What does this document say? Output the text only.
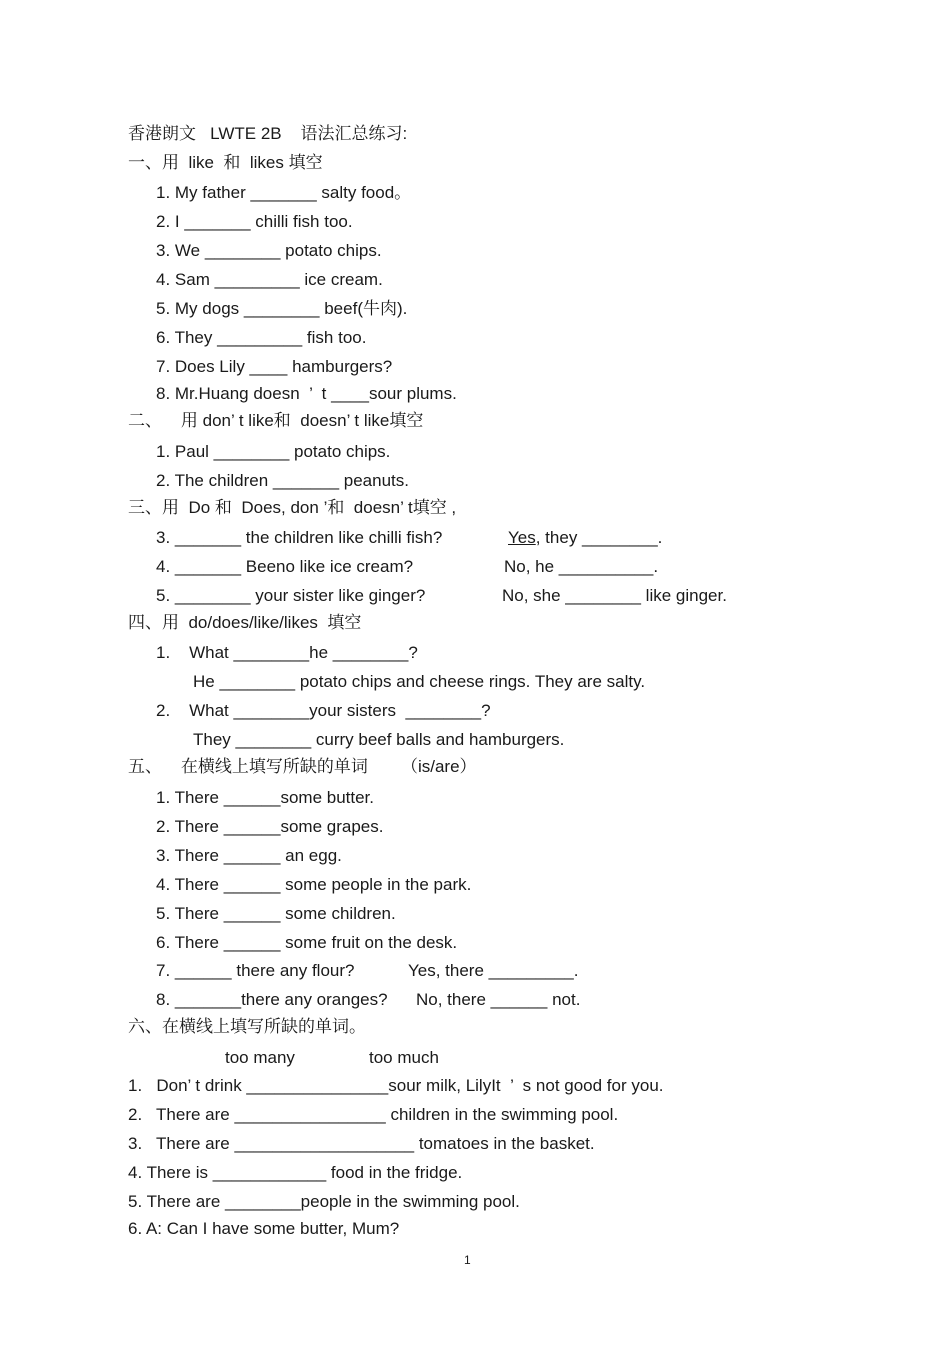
香港朗文   LWTE 2B    语法汇总练习:
一、用  like  和  likes 填空
1. My father _______ salty food。
2. I _______ chilli fish too.
3. We ________ potato chips.
4. Sam _________ ice cream.
5. My dogs ________ beef(牛肉).
6. They _________ fish too.
7. Does Lily ____ hamburgers?
8. Mr.Huang doesn  ’  t ____sour plums.
二、    用 don’ t like和  doesn’ t like填空
1. Paul ________ potato chips.
2. The children _______ peanuts.
三、用  Do 和  Does, don ’和  doesn’ t填空 ,
3. _______ the children like chilli fish?	Yes, they ________.
4. _______ Beeno like ice cream?	No, he __________.
5. ________ your sister like ginger?	No, she ________ like ginger.
四、用  do/does/like/likes  填空
1.    What ________he ________?
He ________ potato chips and cheese rings. They are salty.
2.    What ________your sisters  ________?
They ________ curry beef balls and hamburgers.
五、    在横线上填写所缺的单词       （is/are）
1. There ______some butter.
2. There ______some grapes.
3. There ______ an egg.
4. There ______ some people in the park.
5. There ______ some children.
6. There ______ some fruit on the desk.
7. ______ there any flour?	Yes, there _________.
8. _______there any oranges? No, there ______ not.
六、在横线上填写所缺的单词。
too many	too much
1.   Don’ t drink _______________sour milk, LilyIt  ’  s not good for you.
2.   There are ________________ children in the swimming pool.
3.   There are ___________________ tomatoes in the basket.
4. There is ____________ food in the fridge.
5. There are ________people in the swimming pool.
6. A: Can I have some butter, Mum?
1
